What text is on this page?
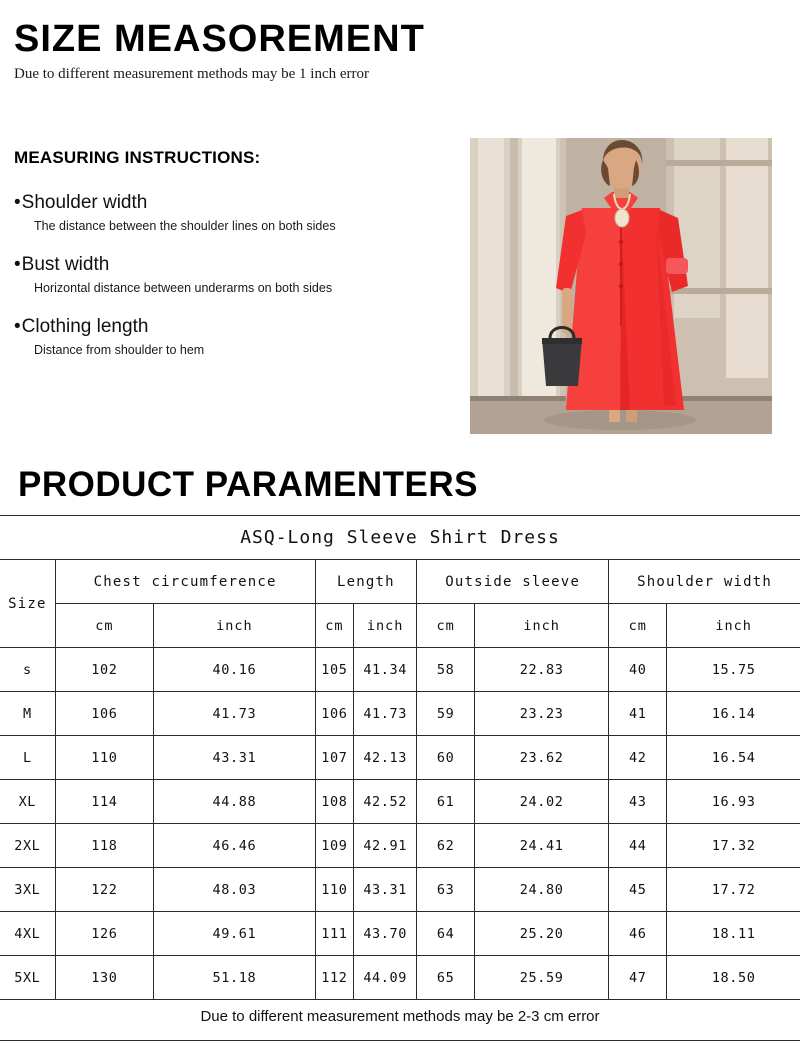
SIZE MEASOREMENT
Due to different measurement methods may be 1 inch error
MEASURING INSTRUCTIONS:
•Shoulder width
The distance between the shoulder lines on both sides
•Bust width
Horizontal distance between underarms on both sides
•Clothing length
Distance from shoulder to hem
PRODUCT PARAMENTERS
ASQ-Long Sleeve Shirt Dress								
Size	Chest circumference		Length		Outside sleeve		Shoulder width	
	cm	inch	cm	inch	cm	inch	cm	inch
s	102	40.16	105	41.34	58	22.83	40	15.75
M	106	41.73	106	41.73	59	23.23	41	16.14
L	110	43.31	107	42.13	60	23.62	42	16.54
XL	114	44.88	108	42.52	61	24.02	43	16.93
2XL	118	46.46	109	42.91	62	24.41	44	17.32
3XL	122	48.03	110	43.31	63	24.80	45	17.72
4XL	126	49.61	111	43.70	64	25.20	46	18.11
5XL	130	51.18	112	44.09	65	25.59	47	18.50
Due to different measurement methods may be 2-3 cm error
